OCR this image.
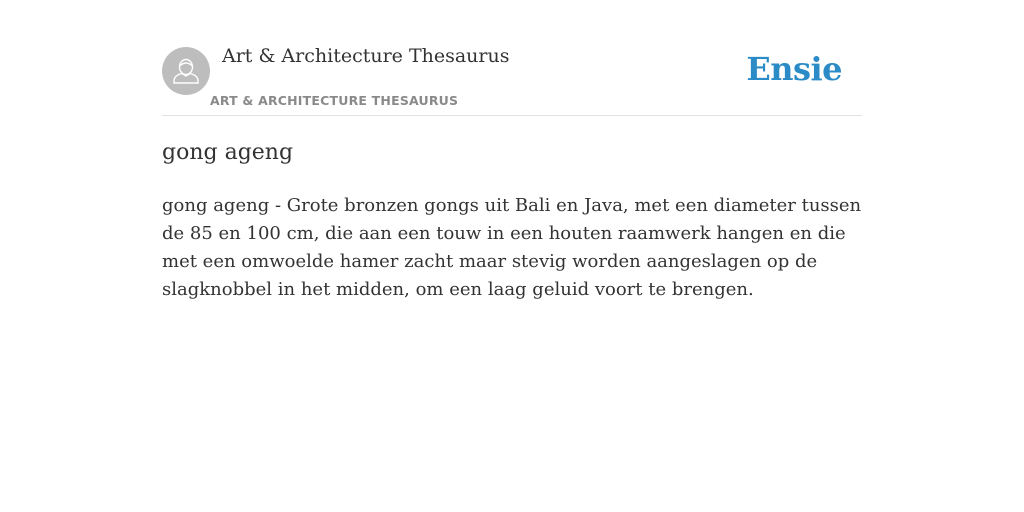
Art & Architecture Thesaurus
ART & ARCHITECTURE THESAURUS
Ensie
gong ageng

gong ageng - Grote bronzen gongs uit Bali en Java, met een diameter tussen de 85 en 100 cm, die aan een touw in een houten raamwerk hangen en die met een omwoelde hamer zacht maar stevig worden aangeslagen op de slagknobbel in het midden, om een laag geluid voort te brengen.
